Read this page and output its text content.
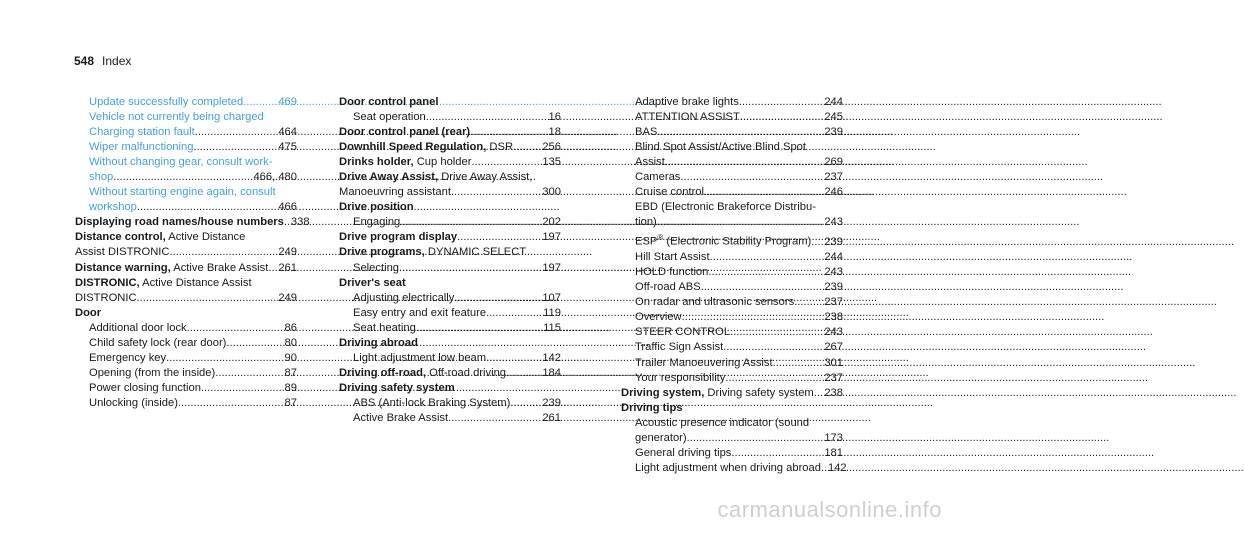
548 Index
Update successfully completed .....	469
Vehicle not currently being charged
Charging station fault .....	464
Wiper malfunctioning .....	475
Without changing gear, consult work-
shop .....	466, 480
Without starting engine again, consult
workshop .....	466
Displaying road names/house numbers ..... 338
Distance control, Active Distance
Assist DISTRONIC .....	249
Distance warning, Active Brake Assist ..... 261
DISTRONIC, Active Distance Assist
DISTRONIC .....	249
Door
Additional door lock .....	86
Child safety lock (rear door) .....	80
Emergency key .....	90
Opening (from the inside) .....	87
Power closing function .....	89
Unlocking (inside) .....	87
Door control panel
Seat operation .....	16
Door control panel (rear) .....	18
Downhill Speed Regulation, DSR .....	256
Drinks holder, Cup holder .....	135
Drive Away Assist, Drive Away Assist,
Manoeuvring assistant .....	300
Drive position
Engaging .....	202
Drive program display .....	197
Drive programs, DYNAMIC SELECT
Selecting .....	197
Driver's seat
Adjusting electrically .....	107
Easy entry and exit feature .....	119
Seat heating .....	115
Driving abroad
Light adjustment low beam .....	142
Driving off-road, Off-road driving .....	184
Driving safety system
ABS (Anti-lock Braking System) .....	239
Active Brake Assist .....	261
Adaptive brake lights .....	244
ATTENTION ASSIST .....	245
BAS .....	239
Blind Spot Assist/Active Blind Spot
Assist .....	269
Cameras .....	237
Cruise control .....	246
EBD (Electronic Brakeforce Distribu-
tion) .....	243
ESP® (Electronic Stability Program) ..... 239
Hill Start Assist .....	244
HOLD function .....	243
Off-road ABS .....	239
On radar and ultrasonic sensors .....	237
Overview .....	238
STEER CONTROL .....	243
Traffic Sign Assist .....	267
Trailer Manoeuvering Assist .....	301
Your responsibility .....	237
Driving system, Driving safety system ..... 238
Driving tips
Acoustic presence indicator (sound
generator) .....	173
General driving tips .....	181
Light adjustment when driving abroad ..... 142
carmanualsonline.info
